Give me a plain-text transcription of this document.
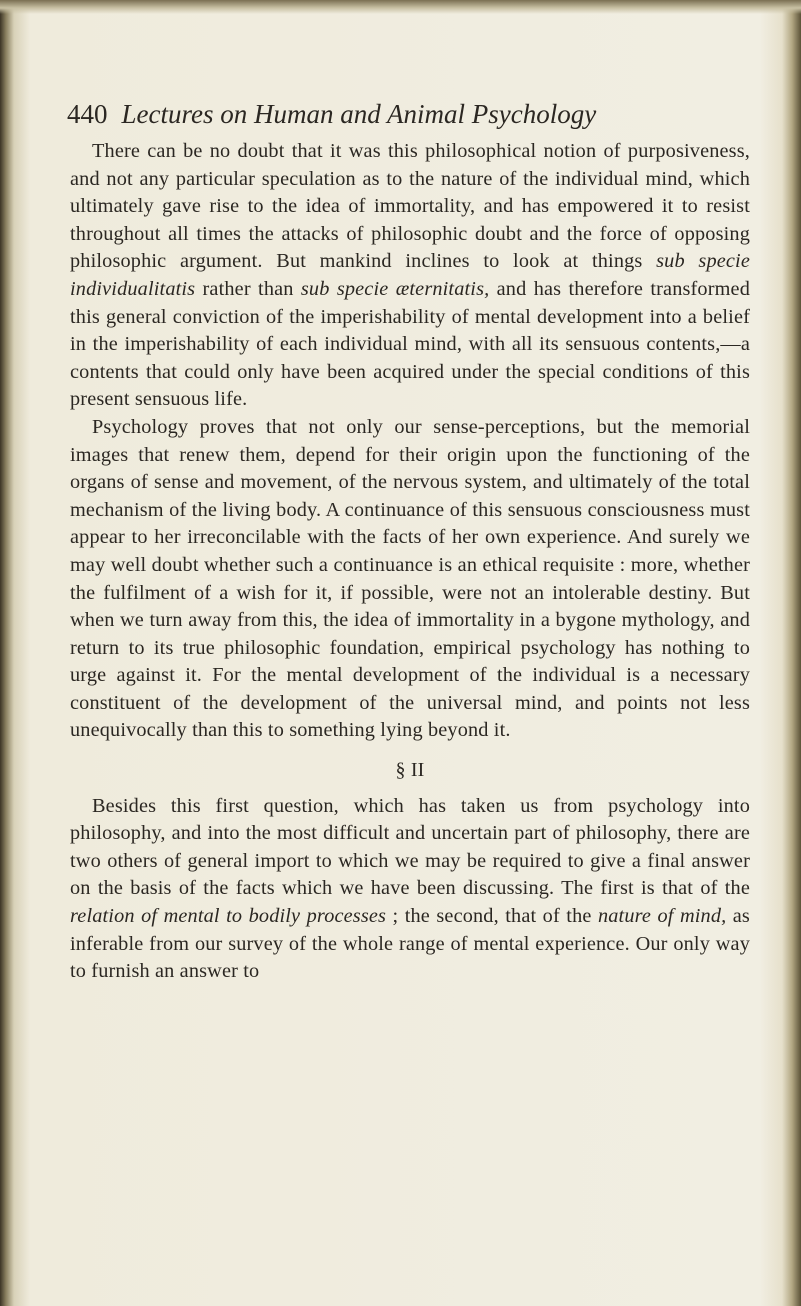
440 Lectures on Human and Animal Psychology

There can be no doubt that it was this philosophical notion of purposiveness, and not any particular speculation as to the nature of the individual mind, which ultimately gave rise to the idea of immortality, and has empowered it to resist throughout all times the attacks of philosophic doubt and the force of opposing philosophic argument. But mankind inclines to look at things sub specie individualitatis rather than sub specie æternitatis, and has therefore transformed this general conviction of the imperishability of mental development into a belief in the imperishability of each individual mind, with all its sensuous contents,—a contents that could only have been acquired under the special conditions of this present sensuous life.

Psychology proves that not only our sense-perceptions, but the memorial images that renew them, depend for their origin upon the functioning of the organs of sense and movement, of the nervous system, and ultimately of the total mechanism of the living body. A continuance of this sensuous consciousness must appear to her irreconcilable with the facts of her own experience. And surely we may well doubt whether such a continuance is an ethical requisite : more, whether the fulfilment of a wish for it, if possible, were not an intolerable destiny. But when we turn away from this, the idea of immortality in a bygone mythology, and return to its true philosophic foundation, empirical psychology has nothing to urge against it. For the mental development of the individual is a necessary constituent of the development of the universal mind, and points not less unequivocally than this to something lying beyond it.

§ II

Besides this first question, which has taken us from psychology into philosophy, and into the most difficult and uncertain part of philosophy, there are two others of general import to which we may be required to give a final answer on the basis of the facts which we have been discussing. The first is that of the relation of mental to bodily processes ; the second, that of the nature of mind, as inferable from our survey of the whole range of mental experience. Our only way to furnish an answer to
